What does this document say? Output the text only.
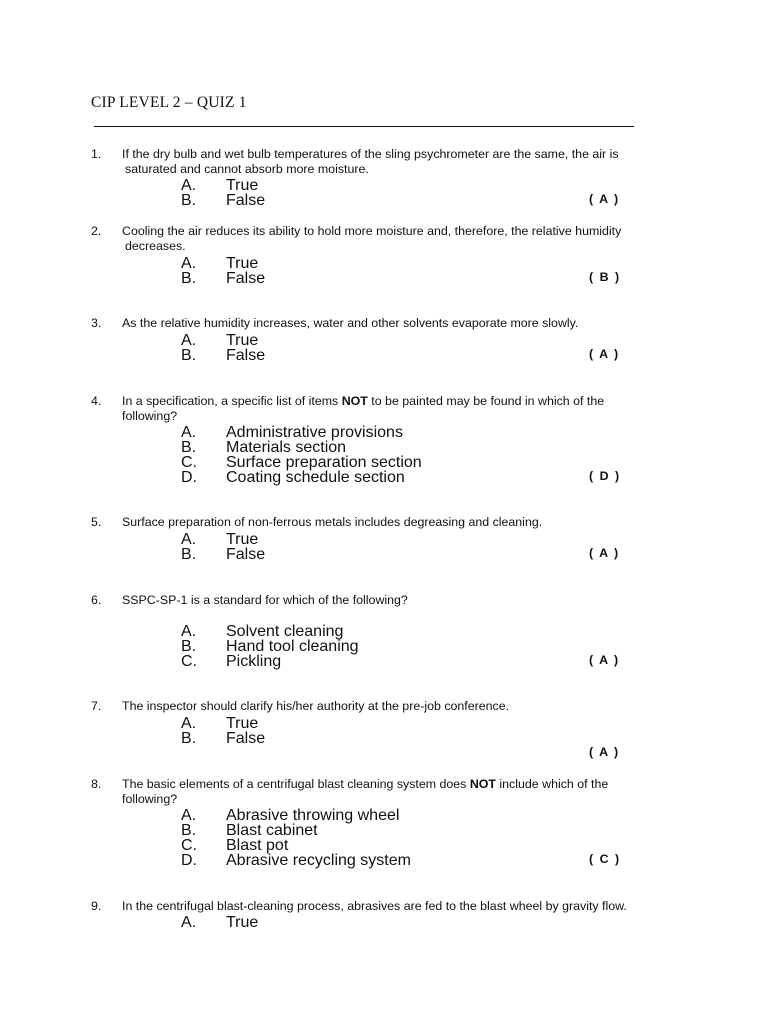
CIP LEVEL 2 – QUIZ 1
1. If the dry bulb and wet bulb temperatures of the sling psychrometer are the same, the air is
saturated and cannot absorb more moisture.
A. True
B. False	( A )
2. Cooling the air reduces its ability to hold more moisture and, therefore, the relative humidity
decreases.
A. True
B. False	( B )
3. As the relative humidity increases, water and other solvents evaporate more slowly.
A. True
B. False	( A )
4. In a specification, a specific list of items NOT to be painted may be found in which of the following?
A. Administrative provisions
B. Materials section
C. Surface preparation section
D. Coating schedule section	( D )
5. Surface preparation of non-ferrous metals includes degreasing and cleaning.
A. True
B. False	( A )
6. SSPC-SP-1 is a standard for which of the following?
A. Solvent cleaning
B. Hand tool cleaning
C. Pickling	( A )
7. The inspector should clarify his/her authority at the pre-job conference.
A. True
B. False
( A )
8. The basic elements of a centrifugal blast cleaning system does NOT include which of the following?
A. Abrasive throwing wheel
B. Blast cabinet
C. Blast pot
D. Abrasive recycling system	( C )
9. In the centrifugal blast-cleaning process, abrasives are fed to the blast wheel by gravity flow.
A. True
